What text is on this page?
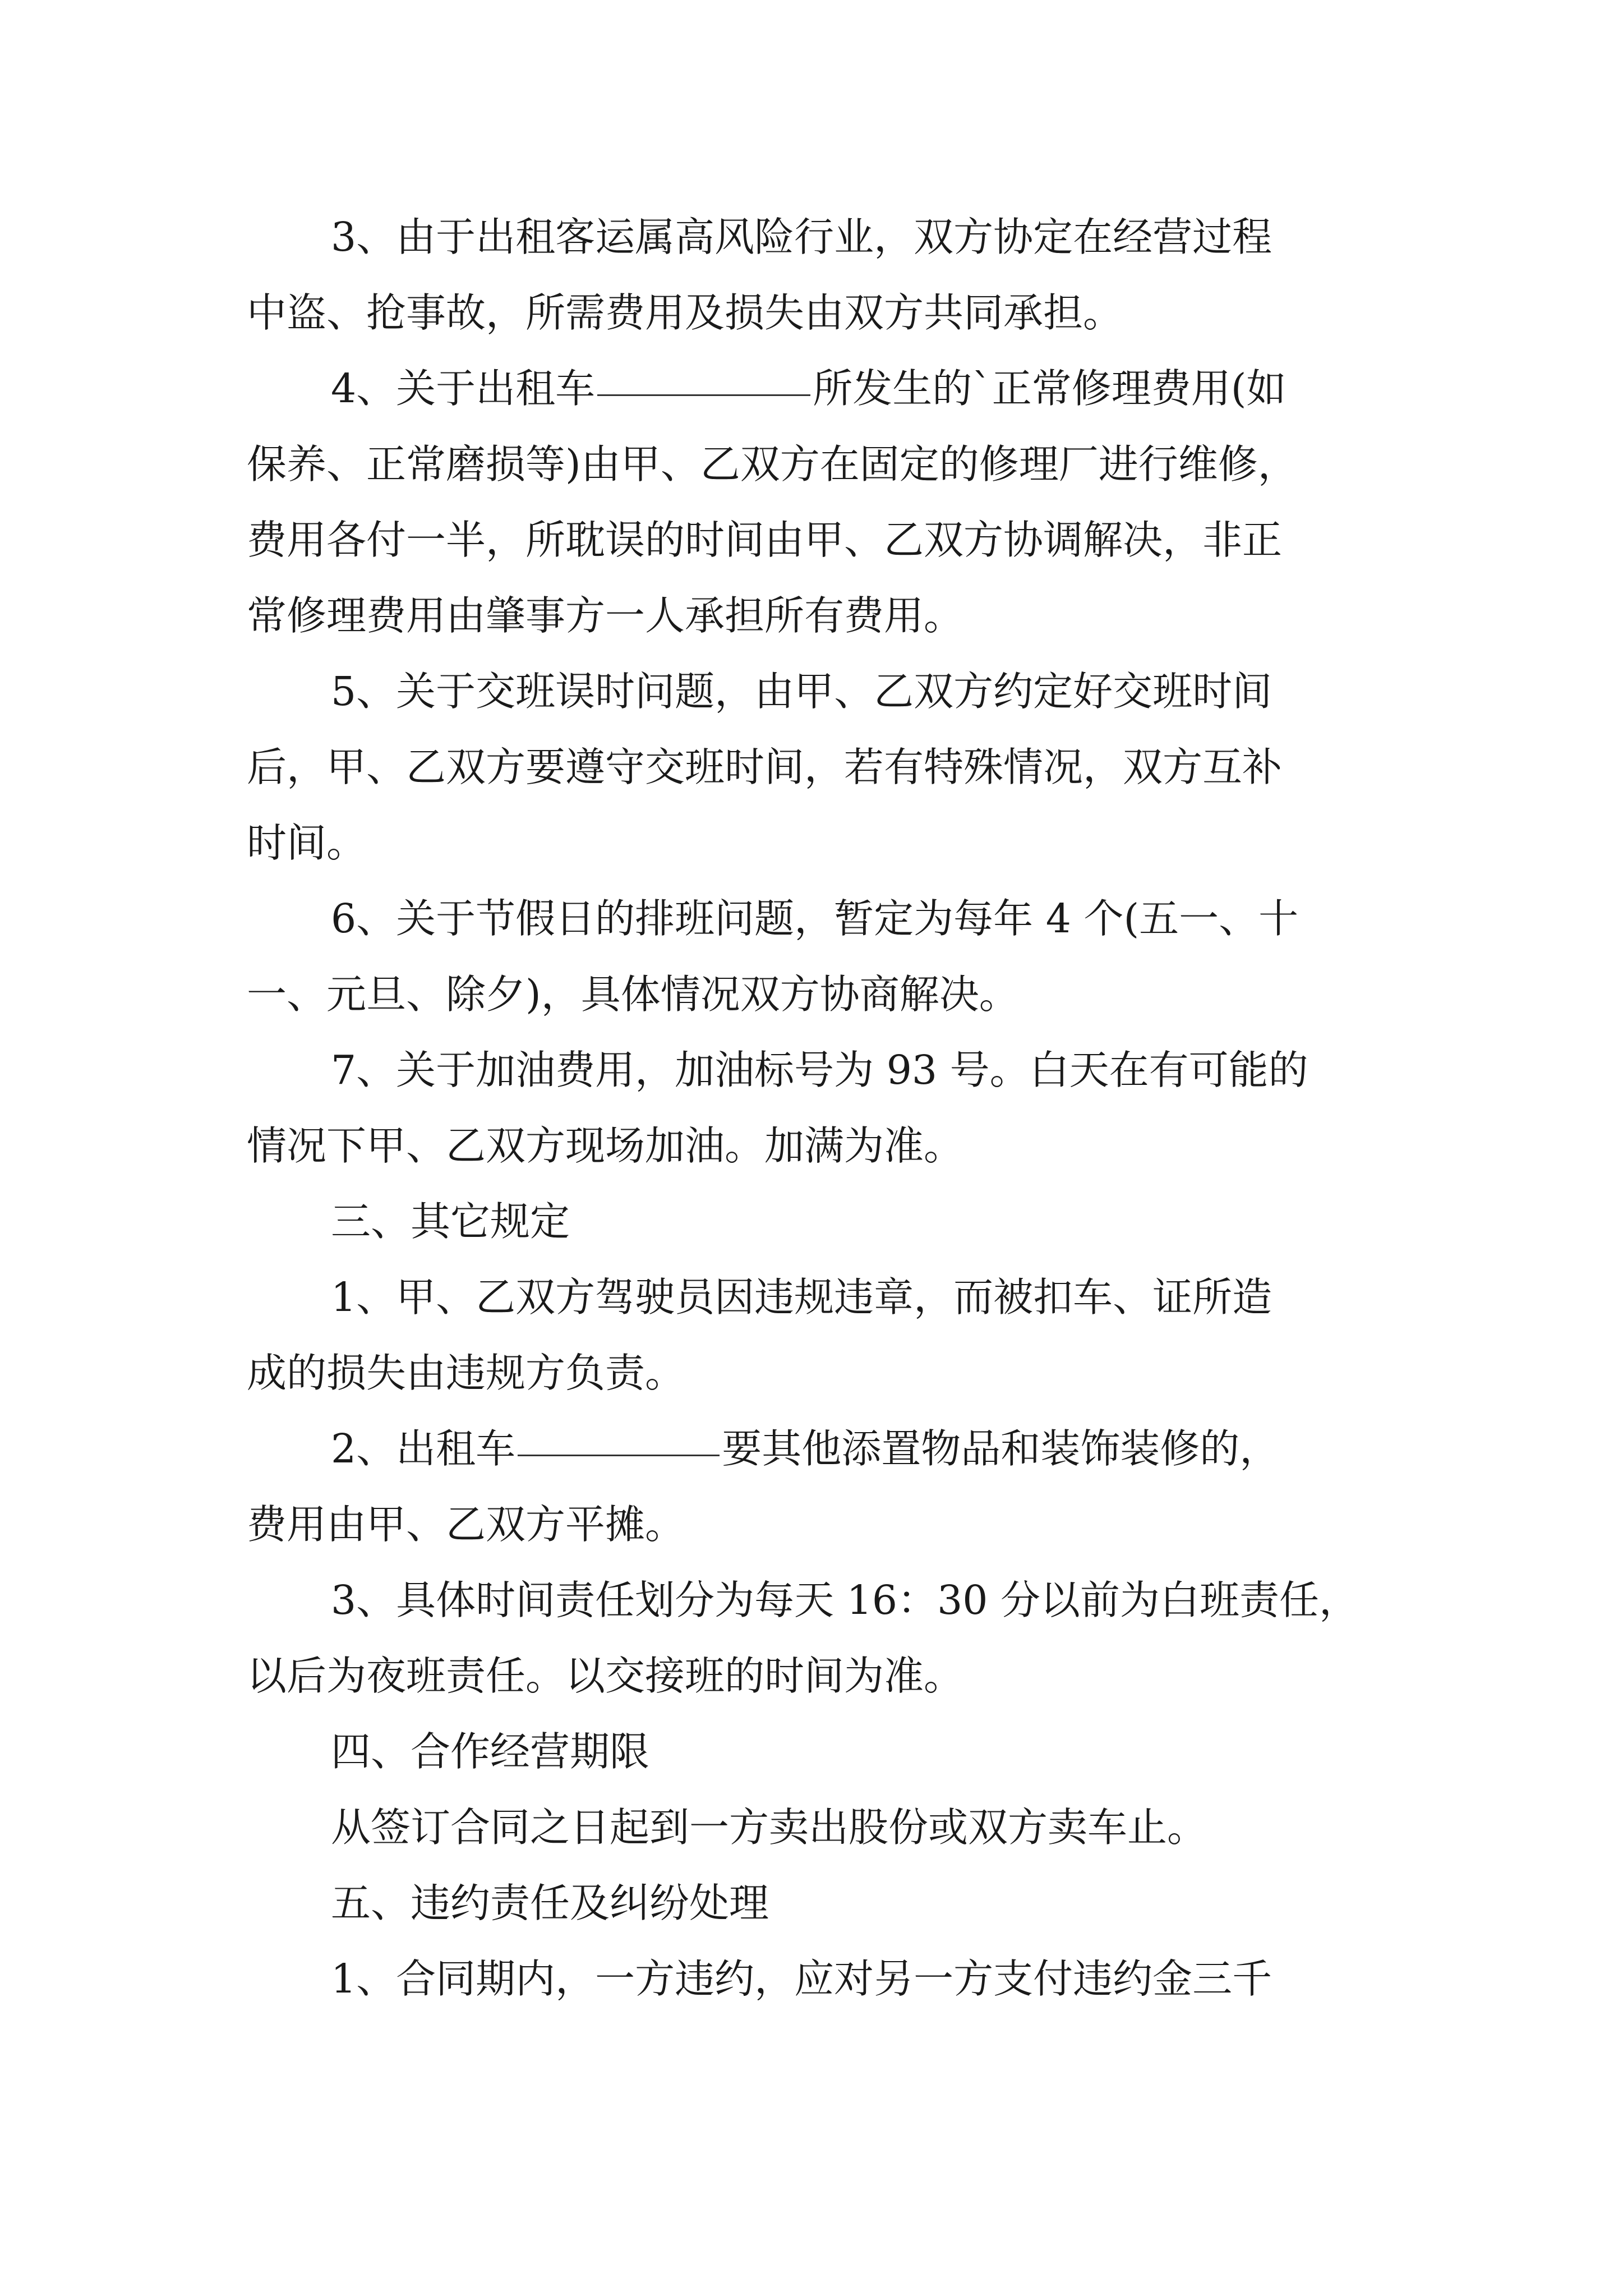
3、由于出租客运属高风险行业，双方协定在经营过程

中盗、抢事故，所需费用及损失由双方共同承担。

4、关于出租车	所发生的`正常修理费用(如

保养、正常磨损等)由甲、乙双方在固定的修理厂进行维修，

费用各付一半，所耽误的时间由甲、乙双方协调解决，非正

常修理费用由肇事方一人承担所有费用。

5、关于交班误时问题，由甲、乙双方约定好交班时间

后，甲、乙双方要遵守交班时间，若有特殊情况，双方互补

时间。

6、关于节假日的排班问题，暂定为每年 4 个(五一、十

一、元旦、除夕)，具体情况双方协商解决。

7、关于加油费用，加油标号为 93 号。白天在有可能的

情况下甲、乙双方现场加油。加满为准。

三、其它规定

1、甲、乙双方驾驶员因违规违章，而被扣车、证所造

成的损失由违规方负责。

2、出租车	要其他添置物品和装饰装修的，

费用由甲、乙双方平摊。

3、具体时间责任划分为每天 16：30 分以前为白班责任，

以后为夜班责任。以交接班的时间为准。

四、合作经营期限

从签订合同之日起到一方卖出股份或双方卖车止。

五、违约责任及纠纷处理

1、合同期内，一方违约，应对另一方支付违约金三千
